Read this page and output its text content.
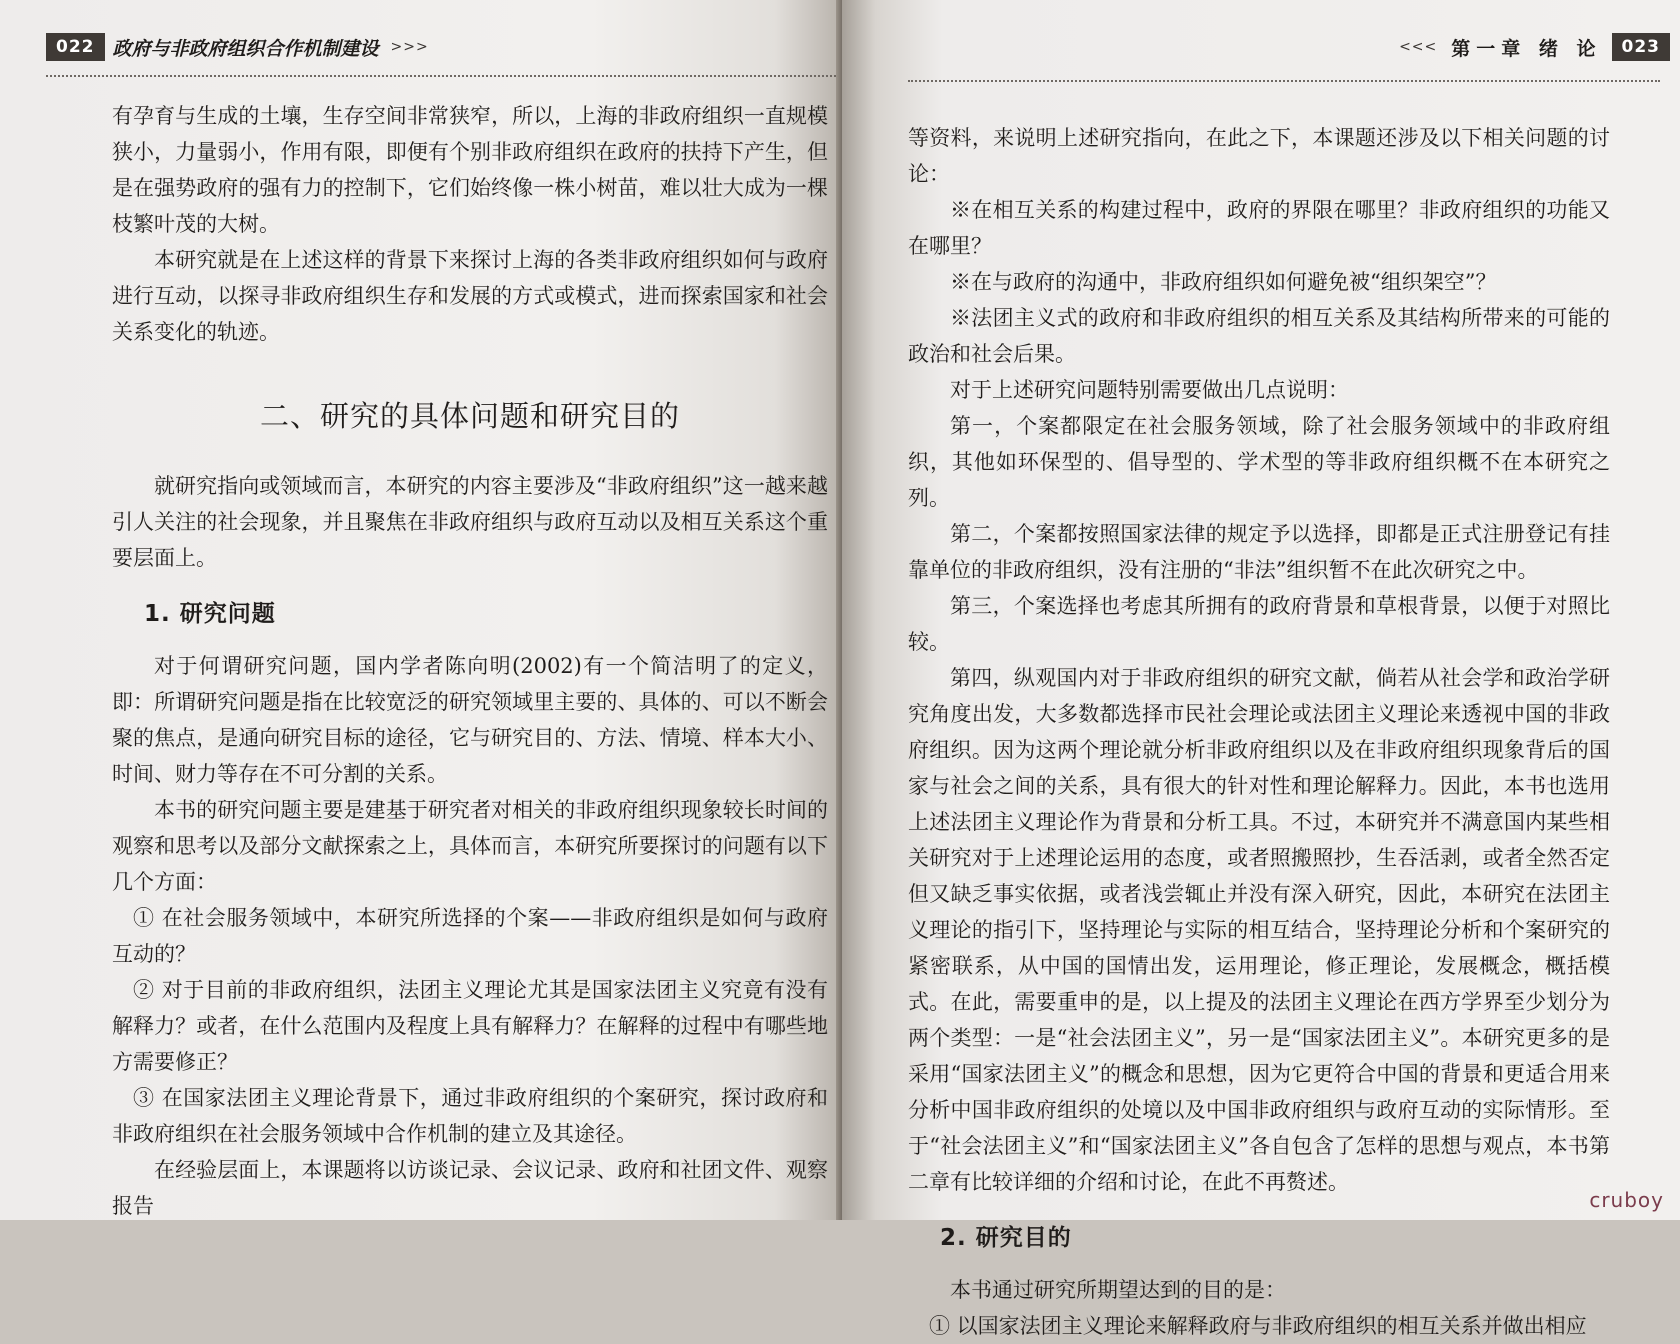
022 政府与非政府组织合作机制建设 >>>

有孕育与生成的土壤，生存空间非常狭窄，所以，上海的非政府组织一直规模狭小，力量弱小，作用有限，即便有个别非政府组织在政府的扶持下产生，但是在强势政府的强有力的控制下，它们始终像一株小树苗，难以壮大成为一棵枝繁叶茂的大树。

本研究就是在上述这样的背景下来探讨上海的各类非政府组织如何与政府进行互动，以探寻非政府组织生存和发展的方式或模式，进而探索国家和社会关系变化的轨迹。

二、研究的具体问题和研究目的

就研究指向或领域而言，本研究的内容主要涉及“非政府组织”这一越来越引人关注的社会现象，并且聚焦在非政府组织与政府互动以及相互关系这个重要层面上。

1. 研究问题

对于何谓研究问题，国内学者陈向明(2002)有一个简洁明了的定义，即：所谓研究问题是指在比较宽泛的研究领域里主要的、具体的、可以不断会聚的焦点，是通向研究目标的途径，它与研究目的、方法、情境、样本大小、时间、财力等存在不可分割的关系。

本书的研究问题主要是建基于研究者对相关的非政府组织现象较长时间的观察和思考以及部分文献探索之上，具体而言，本研究所要探讨的问题有以下几个方面：

① 在社会服务领域中，本研究所选择的个案——非政府组织是如何与政府互动的？

② 对于目前的非政府组织，法团主义理论尤其是国家法团主义究竟有没有解释力？或者，在什么范围内及程度上具有解释力？在解释的过程中有哪些地方需要修正？

③ 在国家法团主义理论背景下，通过非政府组织的个案研究，探讨政府和非政府组织在社会服务领域中合作机制的建立及其途径。

在经验层面上，本课题将以访谈记录、会议记录、政府和社团文件、观察报告

<<< 第一章 绪 论	023

等资料，来说明上述研究指向，在此之下，本课题还涉及以下相关问题的讨论：

※在相互关系的构建过程中，政府的界限在哪里？非政府组织的功能又在哪里？

※在与政府的沟通中，非政府组织如何避免被“组织架空”？

※法团主义式的政府和非政府组织的相互关系及其结构所带来的可能的政治和社会后果。

对于上述研究问题特别需要做出几点说明：

第一，个案都限定在社会服务领域，除了社会服务领域中的非政府组织，其他如环保型的、倡导型的、学术型的等非政府组织概不在本研究之列。

第二，个案都按照国家法律的规定予以选择，即都是正式注册登记有挂靠单位的非政府组织，没有注册的“非法”组织暂不在此次研究之中。

第三，个案选择也考虑其所拥有的政府背景和草根背景，以便于对照比较。

第四，纵观国内对于非政府组织的研究文献，倘若从社会学和政治学研究角度出发，大多数都选择市民社会理论或法团主义理论来透视中国的非政府组织。因为这两个理论就分析非政府组织以及在非政府组织现象背后的国家与社会之间的关系，具有很大的针对性和理论解释力。因此，本书也选用上述法团主义理论作为背景和分析工具。不过，本研究并不满意国内某些相关研究对于上述理论运用的态度，或者照搬照抄，生吞活剥，或者全然否定但又缺乏事实依据，或者浅尝辄止并没有深入研究，因此，本研究在法团主义理论的指引下，坚持理论与实际的相互结合，坚持理论分析和个案研究的紧密联系，从中国的国情出发，运用理论，修正理论，发展概念，概括模式。在此，需要重申的是，以上提及的法团主义理论在西方学界至少划分为两个类型：一是“社会法团主义”，另一是“国家法团主义”。本研究更多的是采用“国家法团主义”的概念和思想，因为它更符合中国的背景和更适合用来分析中国非政府组织的处境以及中国非政府组织与政府互动的实际情形。至于“社会法团主义”和“国家法团主义”各自包含了怎样的思想与观点，本书第二章有比较详细的介绍和讨论，在此不再赘述。

2. 研究目的

本书通过研究所期望达到的目的是：

① 以国家法团主义理论来解释政府与非政府组织的相互关系并做出相应

cruboy
